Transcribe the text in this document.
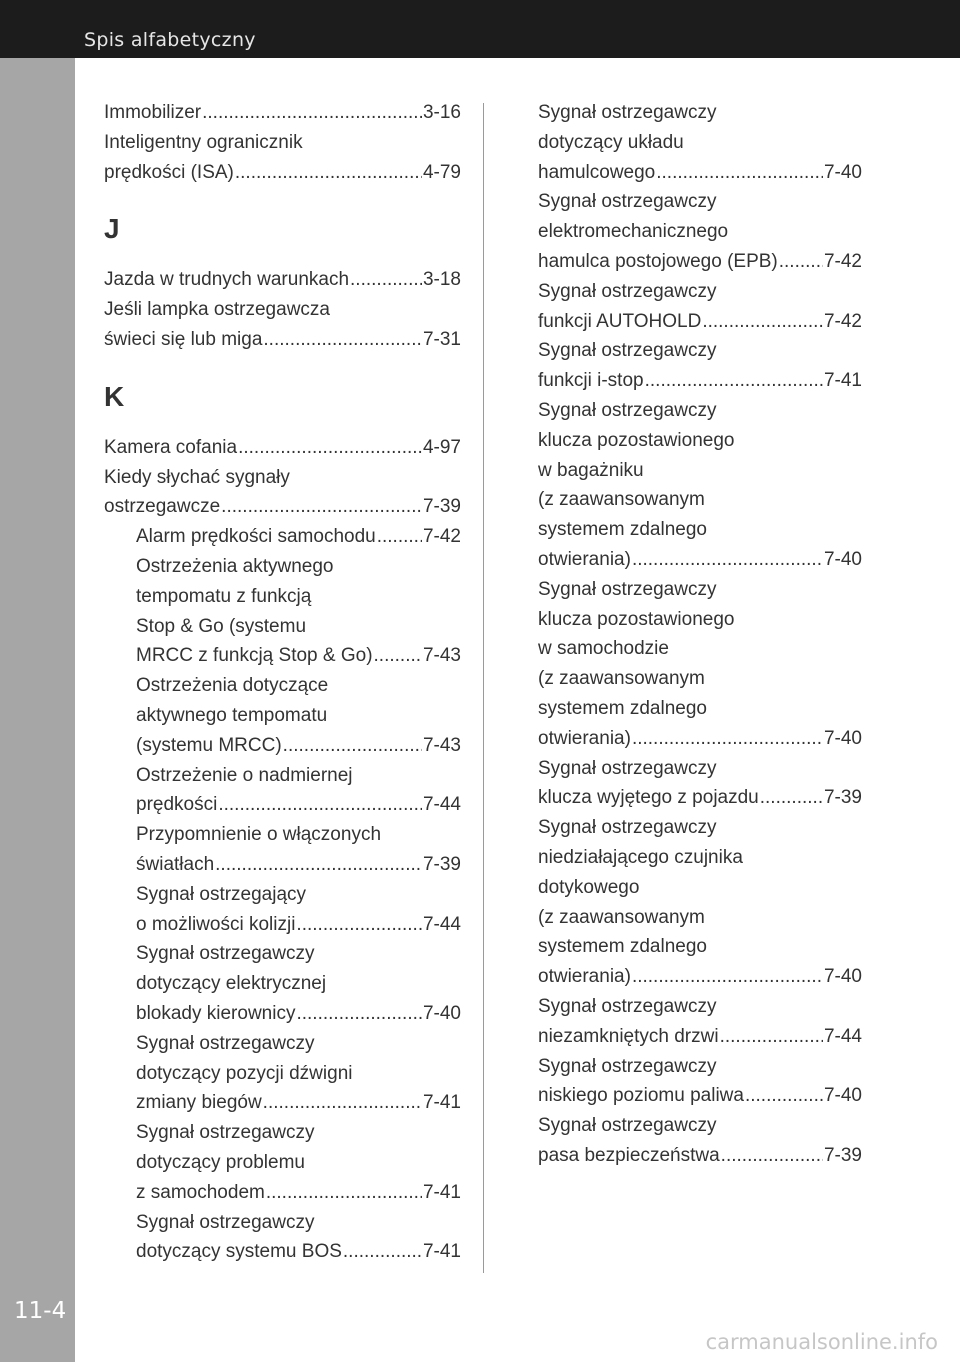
Spis alfabetyczny
11-4
Immobilizer .....	3-16
Inteligentny ogranicznik
prędkości (ISA) .....	4-79
J
Jazda w trudnych warunkach .....	3-18
Jeśli lampka ostrzegawcza
świeci się lub miga .....	7-31
K
Kamera cofania .....	4-97
Kiedy słychać sygnały
ostrzegawcze .....	7-39
Alarm prędkości samochodu ..... 7-42
Ostrzeżenia aktywnego
tempomatu z funkcją
Stop & Go (systemu
MRCC z funkcją Stop & Go) .....	7-43
Ostrzeżenia dotyczące
aktywnego tempomatu
(systemu MRCC) .....	7-43
Ostrzeżenie o nadmiernej
prędkości .....	7-44
Przypomnienie o włączonych
światłach .....	7-39
Sygnał ostrzegający
o możliwości kolizji .....	7-44
Sygnał ostrzegawczy
dotyczący elektrycznej
blokady kierownicy .....	7-40
Sygnał ostrzegawczy
dotyczący pozycji dźwigni
zmiany biegów .....	7-41
Sygnał ostrzegawczy
dotyczący problemu
z samochodem .....	7-41
Sygnał ostrzegawczy
dotyczący systemu BOS .....	7-41
Sygnał ostrzegawczy
dotyczący układu
hamulcowego .....	7-40
Sygnał ostrzegawczy
elektromechanicznego
hamulca postojowego (EPB) ..... 7-42
Sygnał ostrzegawczy
funkcji AUTOHOLD .....	7-42
Sygnał ostrzegawczy
funkcji i-stop .....	7-41
Sygnał ostrzegawczy
klucza pozostawionego
w bagażniku
(z zaawansowanym
systemem zdalnego
otwierania) .....	7-40
Sygnał ostrzegawczy
klucza pozostawionego
w samochodzie
(z zaawansowanym
systemem zdalnego
otwierania) .....	7-40
Sygnał ostrzegawczy
klucza wyjętego z pojazdu .....	7-39
Sygnał ostrzegawczy
niedziałającego czujnika
dotykowego
(z zaawansowanym
systemem zdalnego
otwierania) .....	7-40
Sygnał ostrzegawczy
niezamkniętych drzwi .....	7-44
Sygnał ostrzegawczy
niskiego poziomu paliwa .....	7-40
Sygnał ostrzegawczy
pasa bezpieczeństwa .....	7-39
carmanualsonline.info
